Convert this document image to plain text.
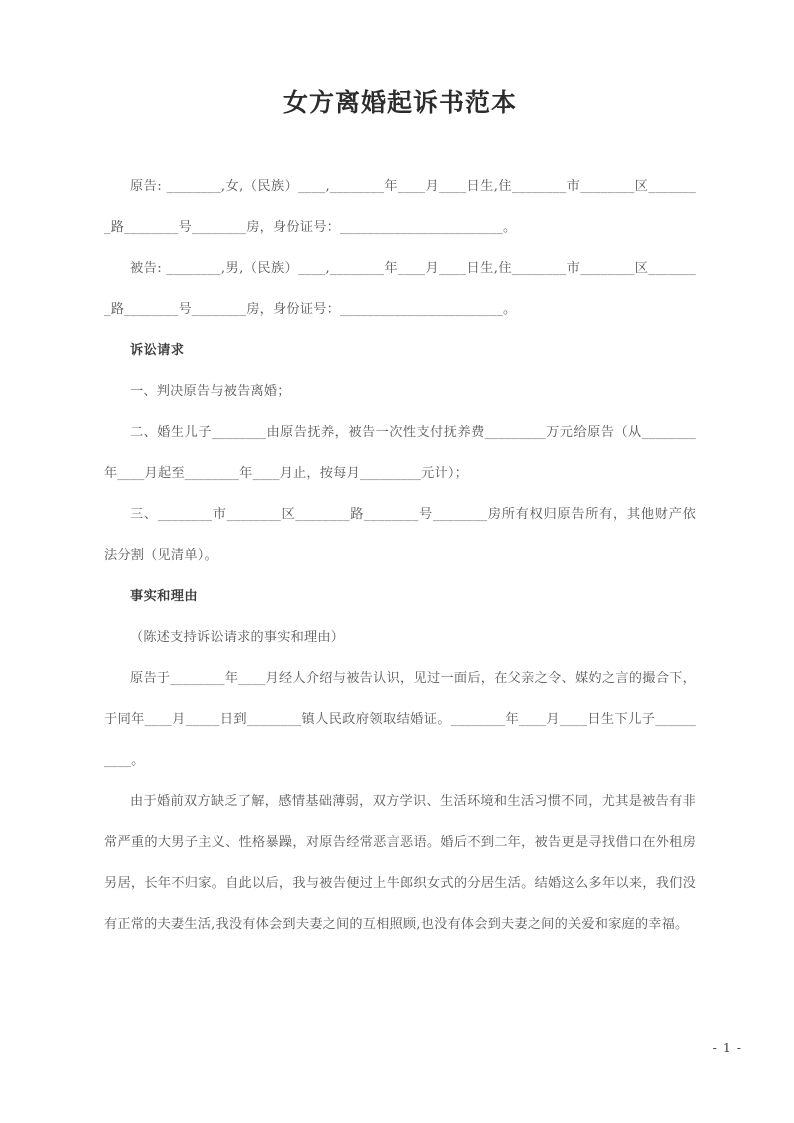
女方离婚起诉书范本

原告: ________,女,（民族）____,________年____月____日生,住________市________区________路________号________房，身份证号：________________________。

被告: ________,男,（民族）____,________年____月____日生,住________市________区________路________号________房，身份证号：________________________。

诉讼请求

一、判决原告与被告离婚；

二、婚生儿子________由原告抚养，被告一次性支付抚养费_________万元给原告（从________年____月起至________年____月止，按每月_________元计）；

三、________市________区________路________号________房所有权归原告所有，其他财产依法分割（见清单）。

事实和理由

（陈述支持诉讼请求的事实和理由）

原告于________年____月经人介绍与被告认识，见过一面后，在父亲之令、媒妁之言的撮合下，于同年____月_____日到________镇人民政府领取结婚证。________年____月____日生下儿子__________。

由于婚前双方缺乏了解，感情基础薄弱，双方学识、生活环境和生活习惯不同，尤其是被告有非常严重的大男子主义、性格暴躁，对原告经常恶言恶语。婚后不到二年，被告更是寻找借口在外租房另居，长年不归家。自此以后，我与被告便过上牛郎织女式的分居生活。结婚这么多年以来，我们没有正常的夫妻生活,我没有体会到夫妻之间的互相照顾,也没有体会到夫妻之间的关爱和家庭的幸福。

- 1 -
